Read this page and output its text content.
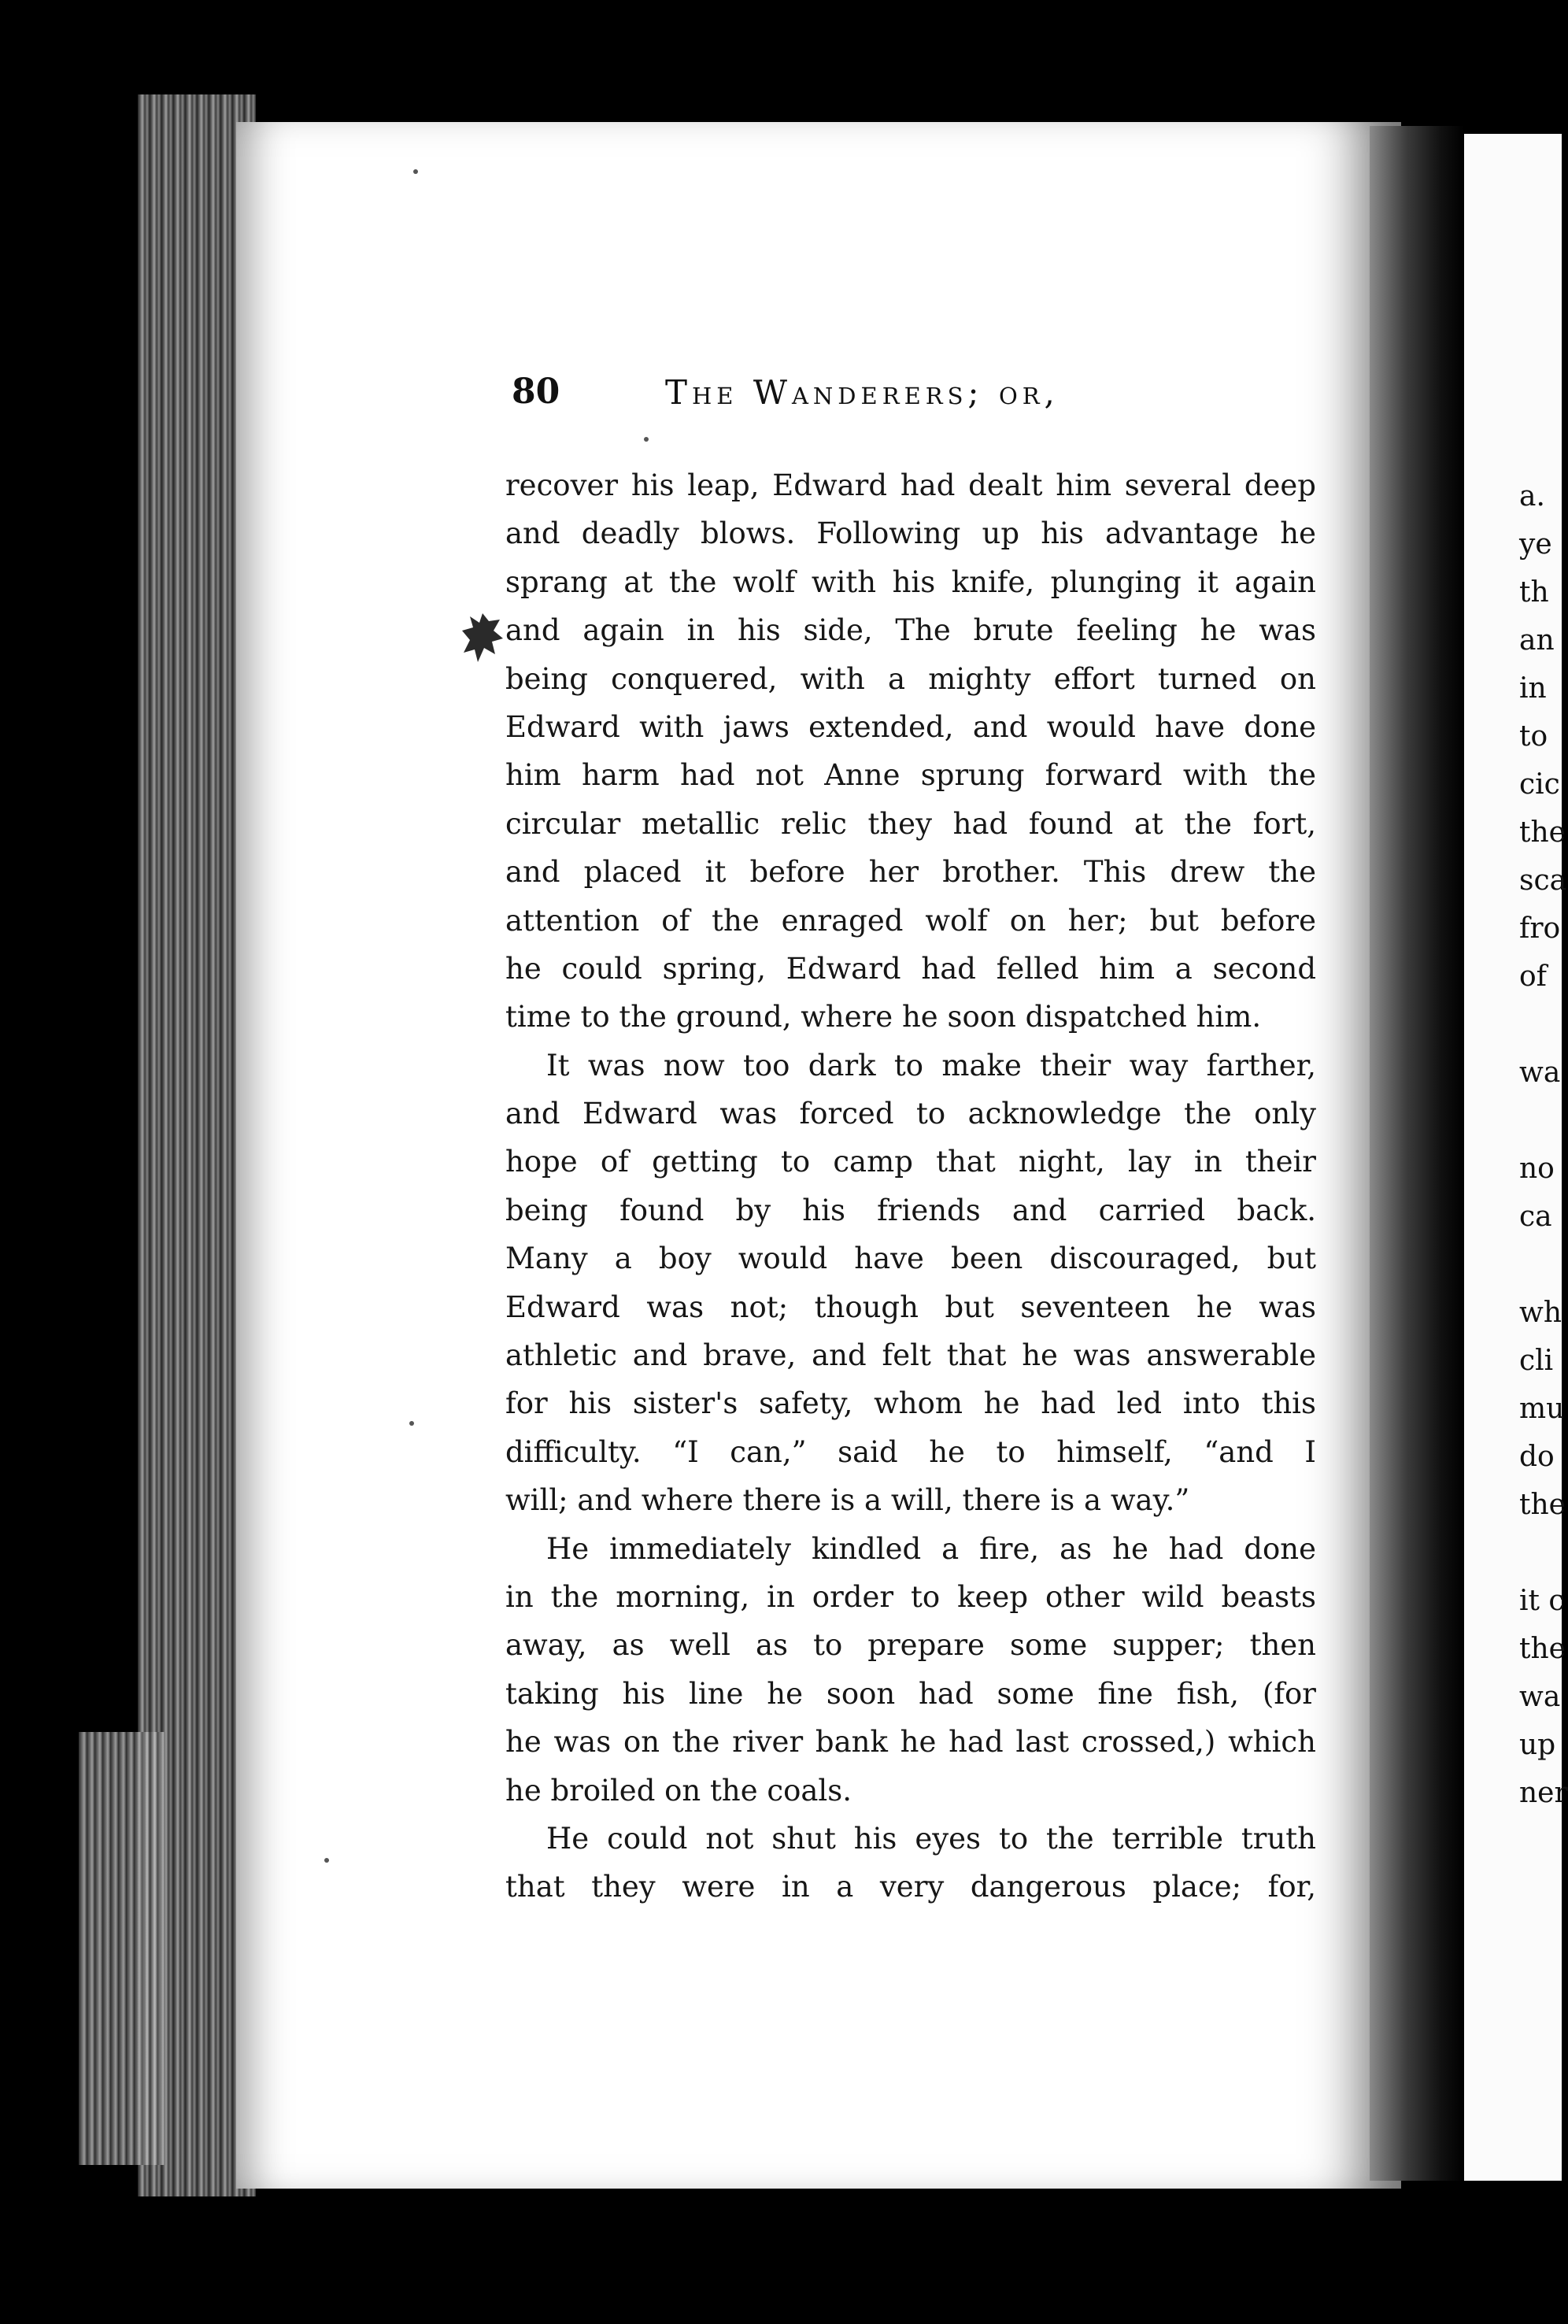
a.
ye
th
an
in
to
cic
the
sca
fro
of
wa
no
ca
wh
cli
mu
do
the
it c
the
wa
up
ner
80	The Wanderers; or,
recover his leap, Edward had dealt him several deep
and deadly blows. Following up his advantage he
sprang at the wolf with his knife, plunging it again
and again in his side, The brute feeling he was
being conquered, with a mighty effort turned on
Edward with jaws extended, and would have done
him harm had not Anne sprung forward with the
circular metallic relic they had found at the fort,
and placed it before her brother. This drew the
attention of the enraged wolf on her; but before
he could spring, Edward had felled him a second
time to the ground, where he soon dispatched him.
It was now too dark to make their way farther,
and Edward was forced to acknowledge the only
hope of getting to camp that night, lay in their
being found by his friends and carried back.
Many a boy would have been discouraged, but
Edward was not; though but seventeen he was
athletic and brave, and felt that he was answerable
for his sister's safety, whom he had led into this
difficulty. “I can,” said he to himself, “and I
will; and where there is a will, there is a way.”
He immediately kindled a fire, as he had done
in the morning, in order to keep other wild beasts
away, as well as to prepare some supper; then
taking his line he soon had some fine fish, (for
he was on the river bank he had last crossed,) which
he broiled on the coals.
He could not shut his eyes to the terrible truth
that they were in a very dangerous place; for,
